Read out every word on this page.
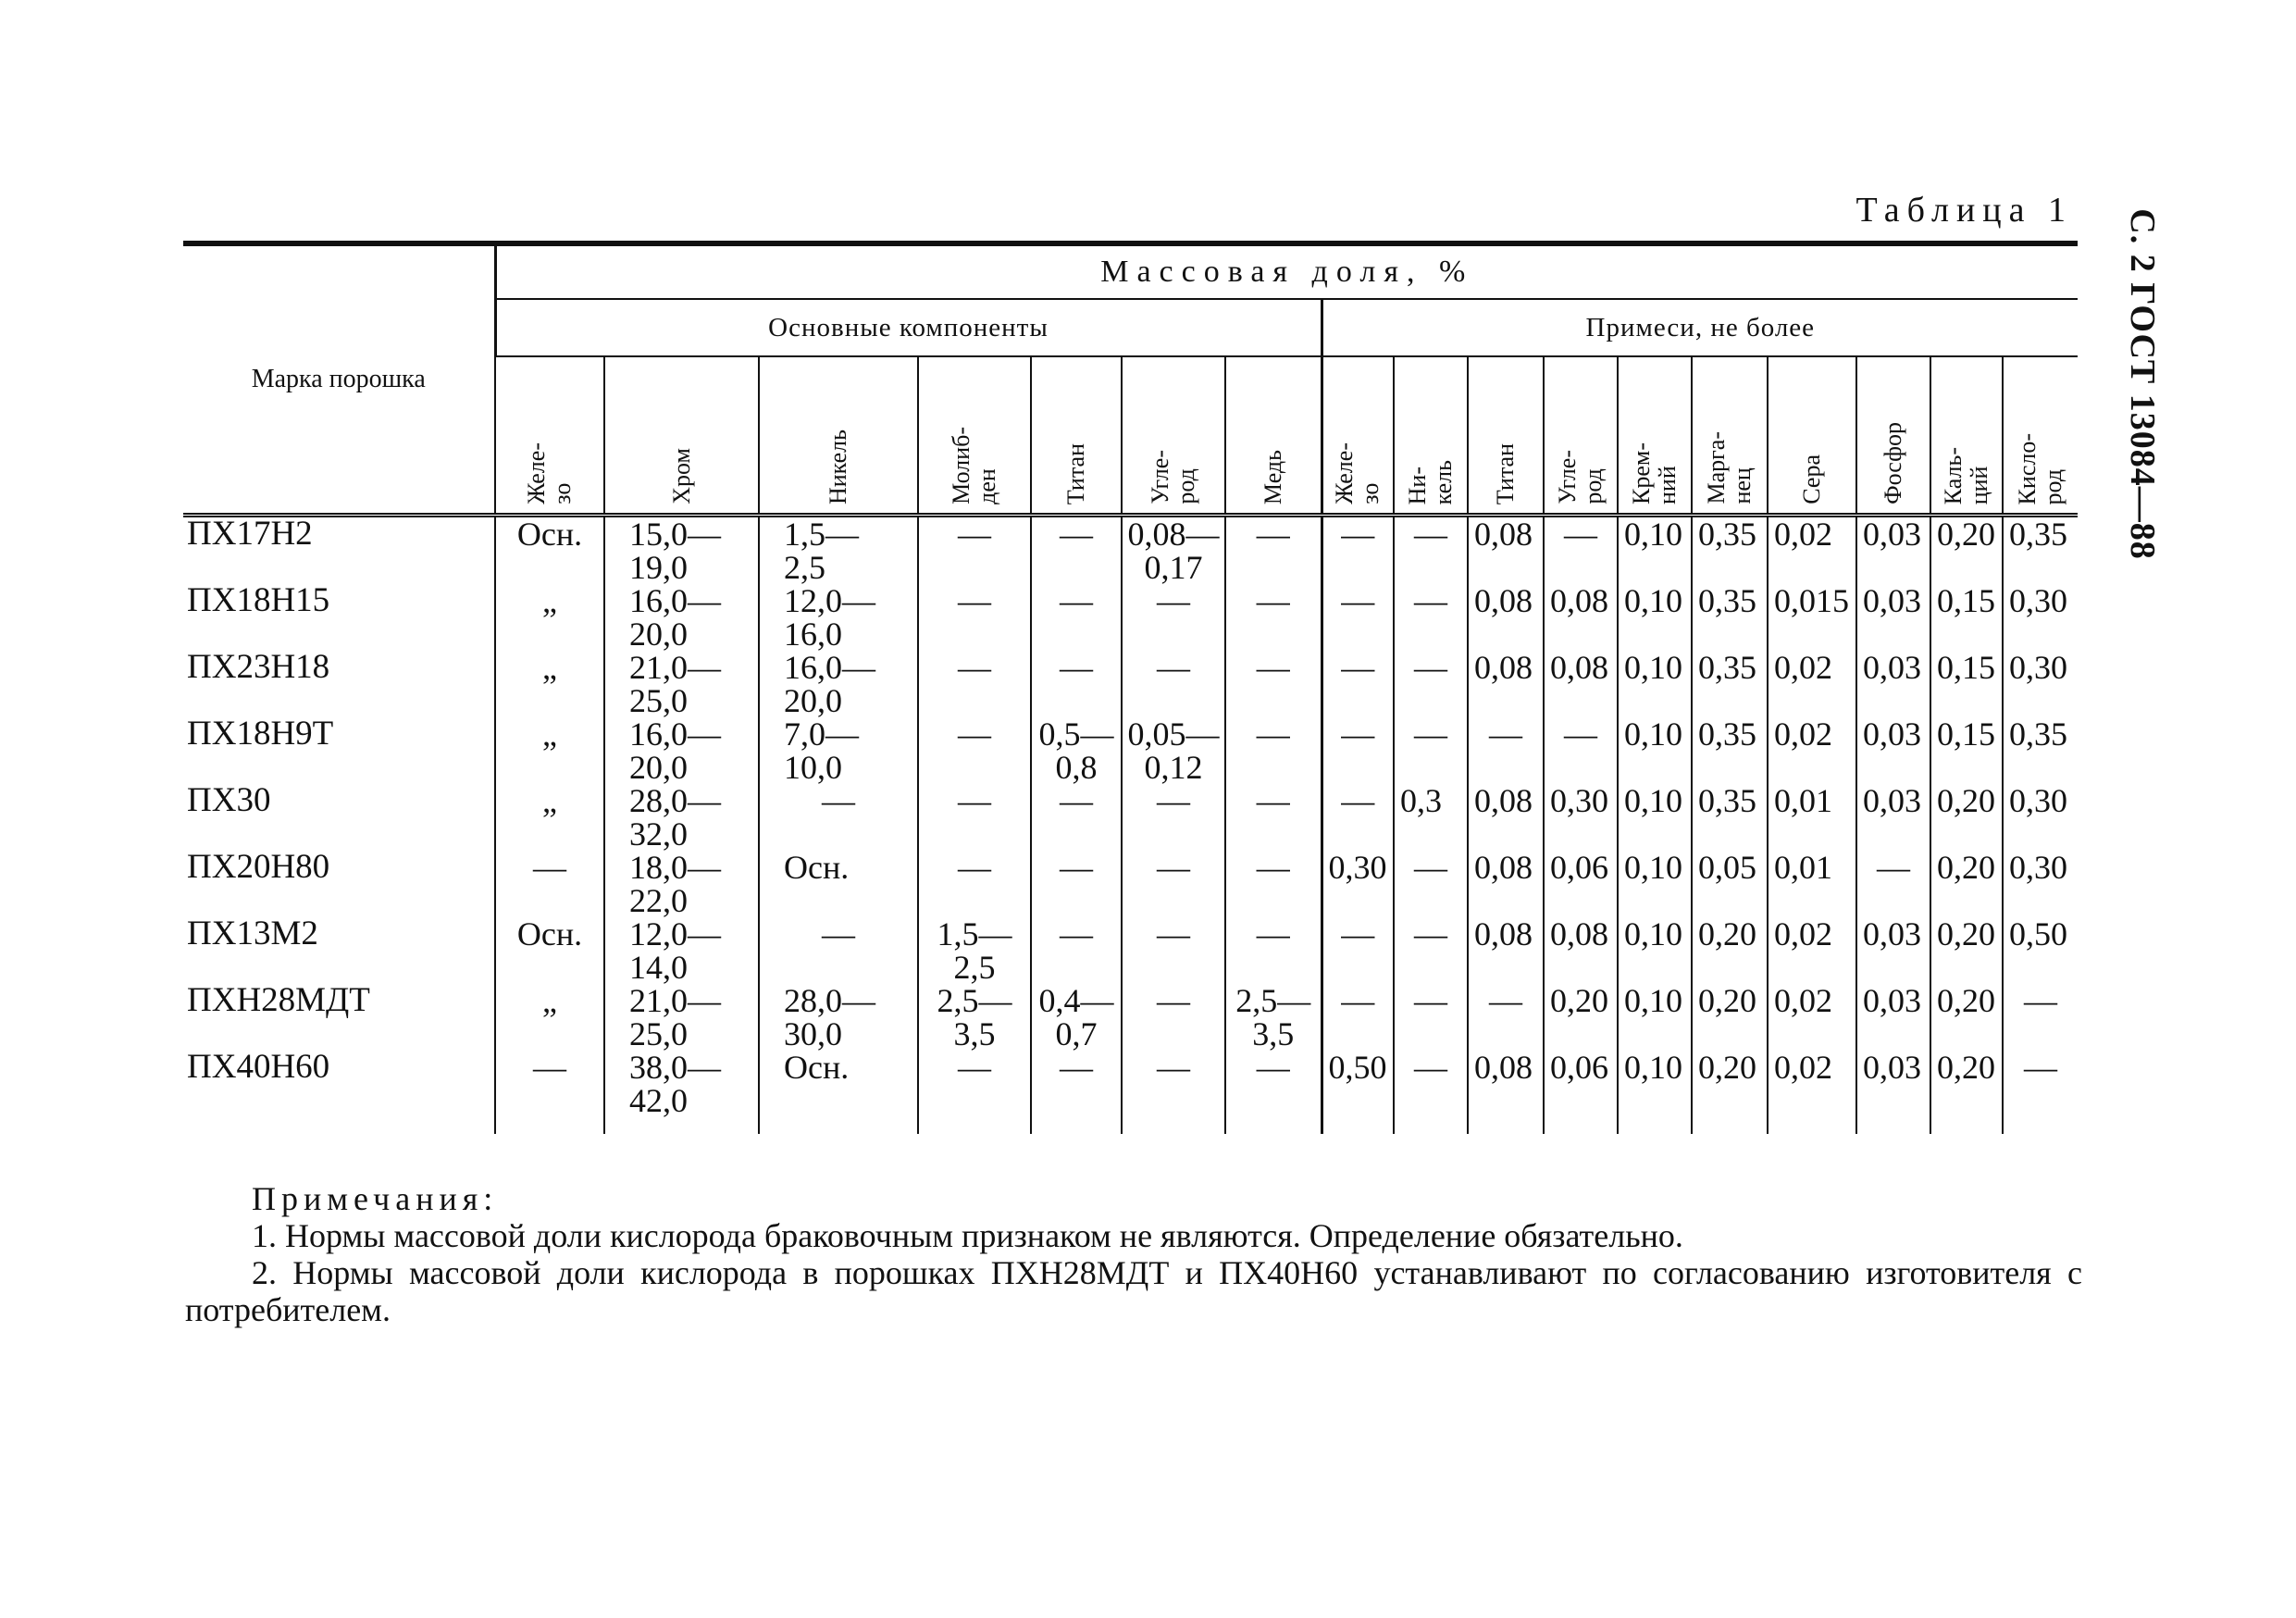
С. 2 ГОСТ 13084—88
Таблица 1
Марка порошка	Массовая доля, %																
	Основные компоненты							Примеси, не более									
	Желе-
зо	Хром	Никель	Молиб-
ден	Титан	Угле-
род	Медь	Желе-
зо	Ни-
кель	Титан	Угле-
род	Крем-
ний	Марга-
нец	Сера	Фосфор	Каль-
ций	Кисло-
род
ПХ17Н2	Осн.	15,0—
19,0	1,5—
2,5	—	—	0,08—
0,17	—	—	—	0,08	—	0,10	0,35	0,02	0,03	0,20	0,35

ПХ18Н15	„	16,0—
20,0	12,0—
16,0	—	—	—	—	—	—	0,08	0,08	0,10	0,35	0,015	0,03	0,15	0,30

ПХ23Н18	„	21,0—
25,0	16,0—
20,0	—	—	—	—	—	—	0,08	0,08	0,10	0,35	0,02	0,03	0,15	0,30

ПХ18Н9Т	„	16,0—
20,0	7,0—
10,0	—	0,5—
0,8	0,05—
0,12	—	—	—	—	—	0,10	0,35	0,02	0,03	0,15	0,35

ПХ30	„	28,0—
32,0	—	—	—	—	—	—	0,3	0,08	0,30	0,10	0,35	0,01	0,03	0,20	0,30

ПХ20Н80	—	18,0—
22,0	Осн.	—	—	—	—	0,30	—	0,08	0,06	0,10	0,05	0,01	—	0,20	0,30

ПХ13М2	Осн.	12,0—
14,0	—	1,5—
2,5	—	—	—	—	—	0,08	0,08	0,10	0,20	0,02	0,03	0,20	0,50

ПХН28МДТ	„	21,0—
25,0	28,0—
30,0	2,5—
3,5	0,4—
0,7	—	2,5—
3,5	—	—	—	0,20	0,10	0,20	0,02	0,03	0,20	—

ПХ40Н60	—	38,0—
42,0	Осн.	—	—	—	—	0,50	—	0,08	0,06	0,10	0,20	0,02	0,03	0,20	—
Примечания:
1. Нормы массовой доли кислорода браковочным признаком не являются. Определение обязательно.
2. Нормы массовой доли кислорода в порошках ПХН28МДТ и ПХ40Н60 устанавливают по согласованию изготовителя с потребителем.
